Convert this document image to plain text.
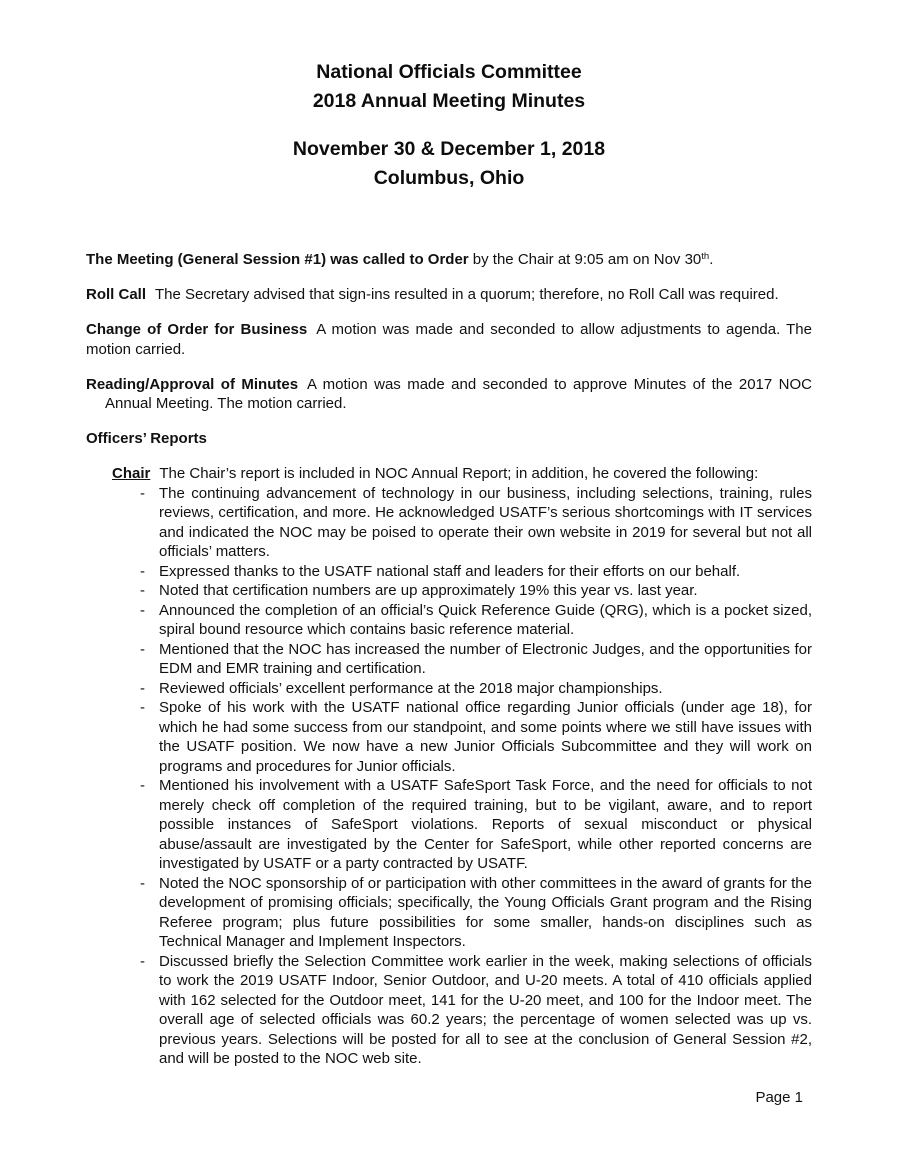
National Officials Committee
2018 Annual Meeting Minutes
November 30 & December 1, 2018
Columbus, Ohio

The Meeting (General Session #1) was called to Order by the Chair at 9:05 am on Nov 30th.

Roll Call The Secretary advised that sign-ins resulted in a quorum; therefore, no Roll Call was required.

Change of Order for Business A motion was made and seconded to allow adjustments to agenda. The motion carried.

Reading/Approval of Minutes A motion was made and seconded to approve Minutes of the 2017 NOC Annual Meeting. The motion carried.

Officers’ Reports

Chair The Chair’s report is included in NOC Annual Report; in addition, he covered the following:

- The continuing advancement of technology in our business, including selections, training, rules reviews, certification, and more. He acknowledged USATF’s serious shortcomings with IT services and indicated the NOC may be poised to operate their own website in 2019 for several but not all officials’ matters.
- Expressed thanks to the USATF national staff and leaders for their efforts on our behalf.
- Noted that certification numbers are up approximately 19% this year vs. last year.
- Announced the completion of an official’s Quick Reference Guide (QRG), which is a pocket sized, spiral bound resource which contains basic reference material.
- Mentioned that the NOC has increased the number of Electronic Judges, and the opportunities for EDM and EMR training and certification.
- Reviewed officials’ excellent performance at the 2018 major championships.
- Spoke of his work with the USATF national office regarding Junior officials (under age 18), for which he had some success from our standpoint, and some points where we still have issues with the USATF position. We now have a new Junior Officials Subcommittee and they will work on programs and procedures for Junior officials.
- Mentioned his involvement with a USATF SafeSport Task Force, and the need for officials to not merely check off completion of the required training, but to be vigilant, aware, and to report possible instances of SafeSport violations. Reports of sexual misconduct or physical abuse/assault are investigated by the Center for SafeSport, while other reported concerns are investigated by USATF or a party contracted by USATF.
- Noted the NOC sponsorship of or participation with other committees in the award of grants for the development of promising officials; specifically, the Young Officials Grant program and the Rising Referee program; plus future possibilities for some smaller, hands-on disciplines such as Technical Manager and Implement Inspectors.
- Discussed briefly the Selection Committee work earlier in the week, making selections of officials to work the 2019 USATF Indoor, Senior Outdoor, and U-20 meets. A total of 410 officials applied with 162 selected for the Outdoor meet, 141 for the U-20 meet, and 100 for the Indoor meet. The overall age of selected officials was 60.2 years; the percentage of women selected was up vs. previous years. Selections will be posted for all to see at the conclusion of General Session #2, and will be posted to the NOC web site.
Page 1
